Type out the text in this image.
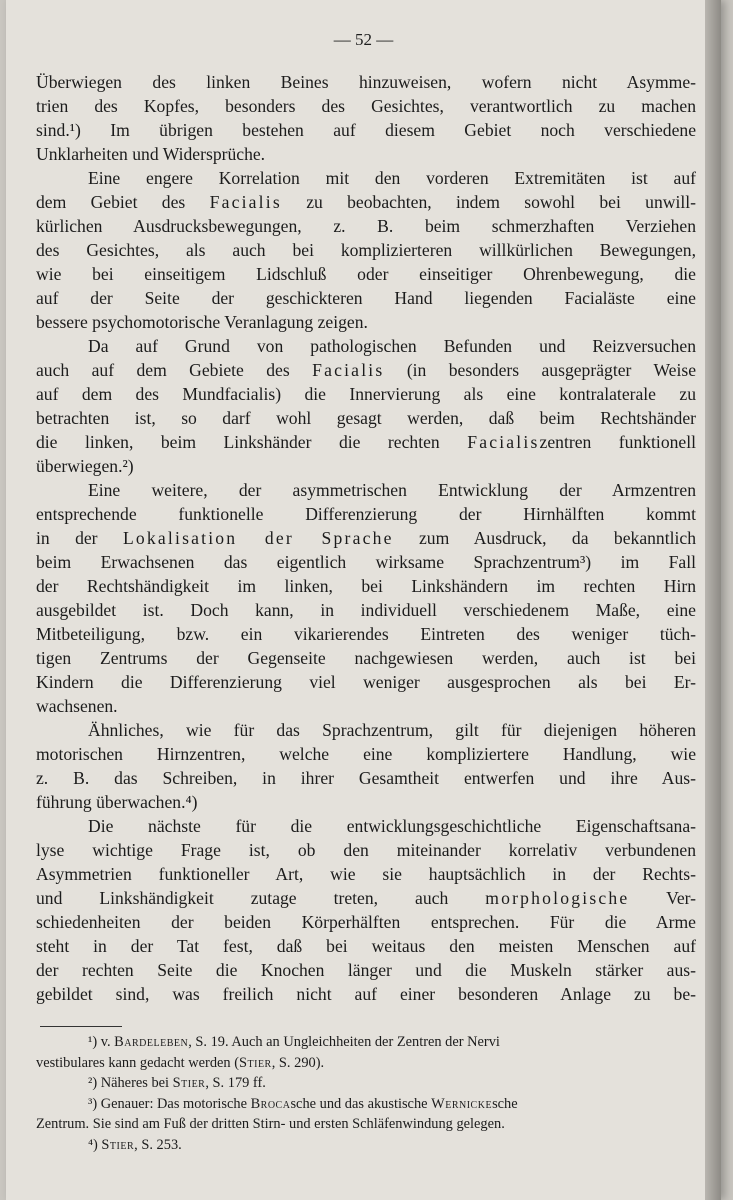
— 52 —
Überwiegen des linken Beines hinzuweisen, wofern nicht Asymme-
trien des Kopfes, besonders des Gesichtes, verantwortlich zu machen
sind.¹) Im übrigen bestehen auf diesem Gebiet noch verschiedene
Unklarheiten und Widersprüche.
Eine engere Korrelation mit den vorderen Extremitäten ist auf
dem Gebiet des Facialis zu beobachten, indem sowohl bei unwill-
kürlichen Ausdrucksbewegungen, z. B. beim schmerzhaften Verziehen
des Gesichtes, als auch bei komplizierteren willkürlichen Bewegungen,
wie bei einseitigem Lidschluß oder einseitiger Ohrenbewegung, die
auf der Seite der geschickteren Hand liegenden Facialäste eine
bessere psychomotorische Veranlagung zeigen.
Da auf Grund von pathologischen Befunden und Reizversuchen
auch auf dem Gebiete des Facialis (in besonders ausgeprägter Weise
auf dem des Mundfacialis) die Innervierung als eine kontralaterale zu
betrachten ist, so darf wohl gesagt werden, daß beim Rechtshänder
die linken, beim Linkshänder die rechten Facialiszentren funktionell
überwiegen.²)
Eine weitere, der asymmetrischen Entwicklung der Armzentren
entsprechende funktionelle Differenzierung der Hirnhälften kommt
in der Lokalisation der Sprache zum Ausdruck, da bekanntlich
beim Erwachsenen das eigentlich wirksame Sprachzentrum³) im Fall
der Rechtshändigkeit im linken, bei Linkshändern im rechten Hirn
ausgebildet ist. Doch kann, in individuell verschiedenem Maße, eine
Mitbeteiligung, bzw. ein vikarierendes Eintreten des weniger tüch-
tigen Zentrums der Gegenseite nachgewiesen werden, auch ist bei
Kindern die Differenzierung viel weniger ausgesprochen als bei Er-
wachsenen.
Ähnliches, wie für das Sprachzentrum, gilt für diejenigen höheren
motorischen Hirnzentren, welche eine kompliziertere Handlung, wie
z. B. das Schreiben, in ihrer Gesamtheit entwerfen und ihre Aus-
führung überwachen.⁴)
Die nächste für die entwicklungsgeschichtliche Eigenschaftsana-
lyse wichtige Frage ist, ob den miteinander korrelativ verbundenen
Asymmetrien funktioneller Art, wie sie hauptsächlich in der Rechts-
und Linkshändigkeit zutage treten, auch morphologische Ver-
schiedenheiten der beiden Körperhälften entsprechen. Für die Arme
steht in der Tat fest, daß bei weitaus den meisten Menschen auf
der rechten Seite die Knochen länger und die Muskeln stärker aus-
gebildet sind, was freilich nicht auf einer besonderen Anlage zu be-
¹) v. Bardeleben, S. 19. Auch an Ungleichheiten der Zentren der Nervi
vestibulares kann gedacht werden (Stier, S. 290).
²) Näheres bei Stier, S. 179 ff.
³) Genauer: Das motorische Brocasche und das akustische Wernickesche
Zentrum. Sie sind am Fuß der dritten Stirn- und ersten Schläfenwindung gelegen.
⁴) Stier, S. 253.
